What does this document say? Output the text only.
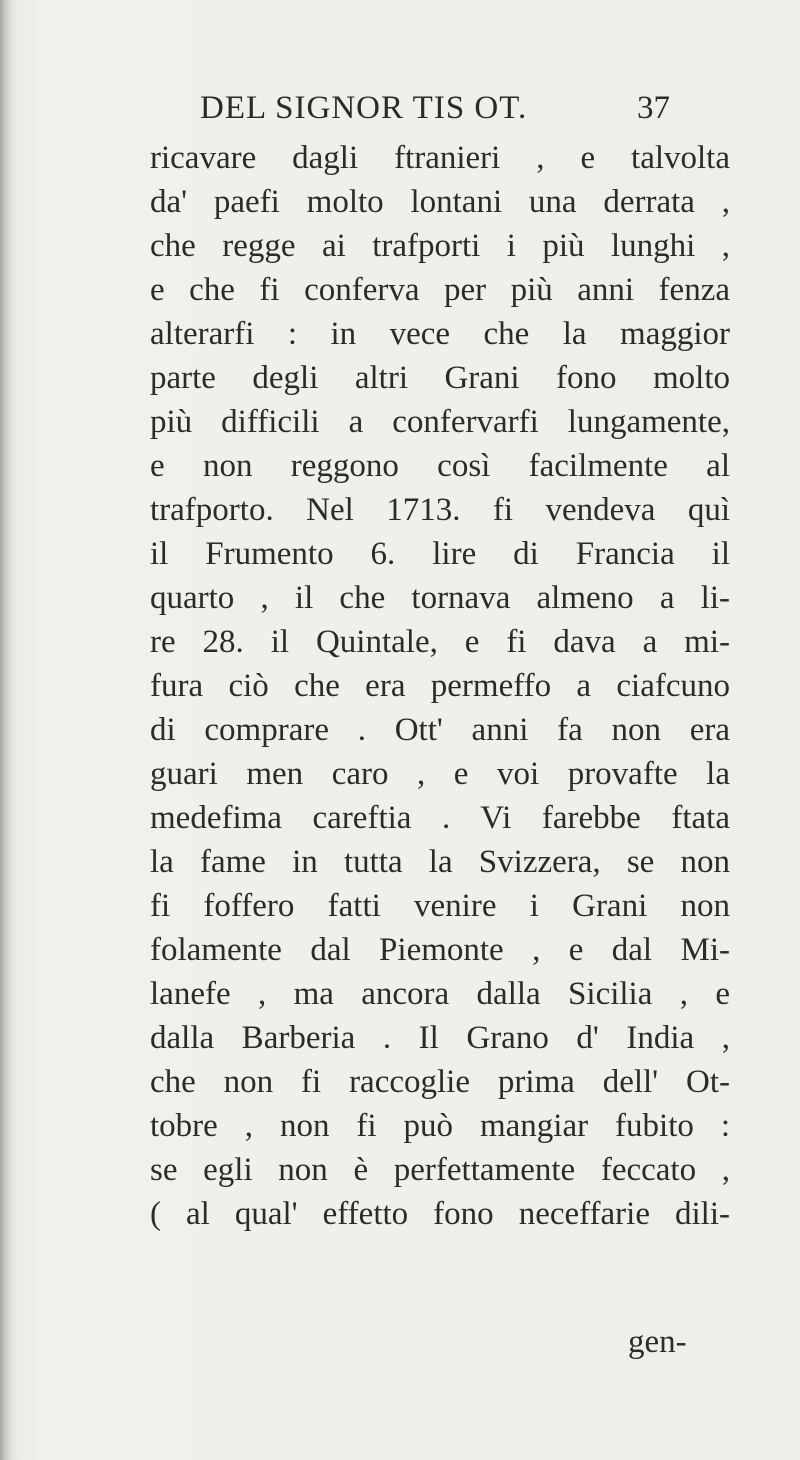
DEL SIGNOR TIS OT.	37
ricavare dagli ftranieri , e talvolta
da' paefi molto lontani una derrata ,
che regge ai trafporti i più lunghi ,
e che fi conferva per più anni fenza
alterarfi : in vece che la maggior
parte degli altri Grani fono molto
più difficili a confervarfi lungamente,
e non reggono così facilmente al
trafporto. Nel 1713. fi vendeva quì
il Frumento 6. lire di Francia il
quarto , il che tornava almeno a li-
re 28. il Quintale, e fi dava a mi-
fura ciò che era permeffo a ciafcuno
di comprare . Ott' anni fa non era
guari men caro , e voi provafte la
medefima careftia . Vi farebbe ftata
la fame in tutta la Svizzera, se non
fi foffero fatti venire i Grani non
folamente dal Piemonte , e dal Mi-
lanefe , ma ancora dalla Sicilia , e
dalla Barberia . Il Grano d' India ,
che non fi raccoglie prima dell' Ot-
tobre , non fi può mangiar fubito :
se egli non è perfettamente feccato ,
( al qual' effetto fono neceffarie dili-
gen-
